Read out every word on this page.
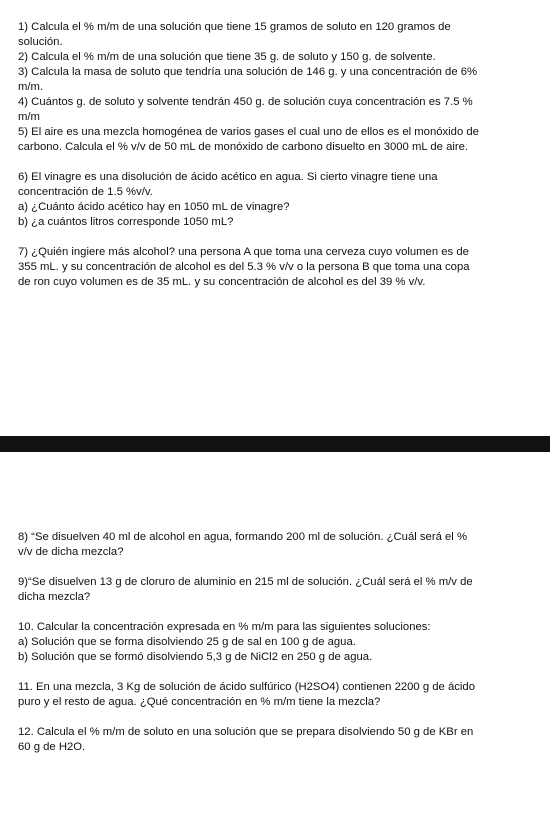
1) Calcula el % m/m de una solución que tiene 15 gramos de soluto en 120 gramos de
solución.
2) Calcula el % m/m de una solución que tiene 35 g. de soluto y 150 g. de solvente.
3) Calcula la masa de soluto que tendría una solución de 146 g. y una concentración de 6%
m/m.
4) Cuántos g. de soluto y solvente tendrán 450 g. de solución cuya concentración es 7.5 %
m/m
5) El aire es una mezcla homogénea de varios gases el cual uno de ellos es el monóxido de
carbono. Calcula el % v/v de 50 mL de monóxido de carbono disuelto en 3000 mL de aire.
6) El vinagre es una disolución de ácido acético en agua. Si cierto vinagre tiene una
concentración de 1.5 %v/v.
a) ¿Cuánto ácido acético hay en 1050 mL de vinagre?
b) ¿a cuántos litros corresponde 1050 mL?
7) ¿Quién ingiere más alcohol? una persona A que toma una cerveza cuyo volumen es de
355 mL. y su concentración de alcohol es del 5.3 % v/v o la persona B que toma una copa
de ron cuyo volumen es de 35 mL. y su concentración de alcohol es del 39 % v/v.
8) “Se disuelven 40 ml de alcohol en agua, formando 200 ml de solución. ¿Cuál será el %
v/v de dicha mezcla?
9)“Se disuelven 13 g de cloruro de aluminio en 215 ml de solución. ¿Cuál será el % m/v de
dicha mezcla?
10. Calcular la concentración expresada en % m/m para las siguientes soluciones:
a) Solución que se forma disolviendo 25 g de sal en 100 g de agua.
b) Solución que se formó disolviendo 5,3 g de NiCl2 en 250 g de agua.
11. En una mezcla, 3 Kg de solución de ácido sulfúrico (H2SO4) contienen 2200 g de ácido
puro y el resto de agua. ¿Qué concentración en % m/m tiene la mezcla?
12. Calcula el % m/m de soluto en una solución que se prepara disolviendo 50 g de KBr en
60 g de H2O.
